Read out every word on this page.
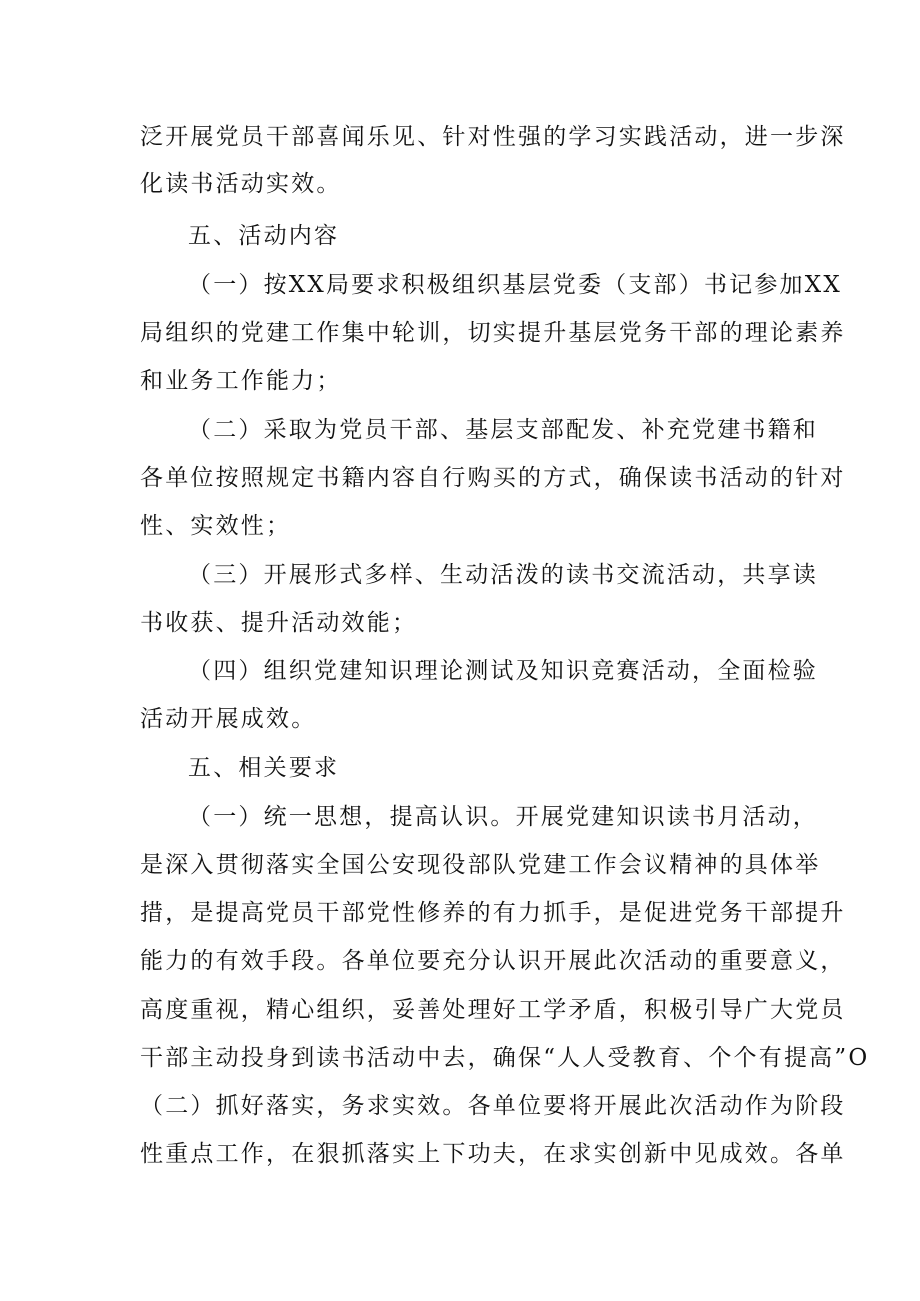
泛开展党员干部喜闻乐见、针对性强的学习实践活动，进一步深
化读书活动实效。
五、活动内容
（一）按XX局要求积极组织基层党委（支部）书记参加XX
局组织的党建工作集中轮训，切实提升基层党务干部的理论素养
和业务工作能力；
（二）采取为党员干部、基层支部配发、补充党建书籍和
各单位按照规定书籍内容自行购买的方式，确保读书活动的针对
性、实效性；
（三）开展形式多样、生动活泼的读书交流活动，共享读
书收获、提升活动效能；
（四）组织党建知识理论测试及知识竞赛活动，全面检验
活动开展成效。
五、相关要求
（一）统一思想，提高认识。开展党建知识读书月活动，
是深入贯彻落实全国公安现役部队党建工作会议精神的具体举
措，是提高党员干部党性修养的有力抓手，是促进党务干部提升
能力的有效手段。各单位要充分认识开展此次活动的重要意义，
高度重视，精心组织，妥善处理好工学矛盾，积极引导广大党员
干部主动投身到读书活动中去，确保“人人受教育、个个有提高”O
（二）抓好落实，务求实效。各单位要将开展此次活动作为阶段
性重点工作，在狠抓落实上下功夫，在求实创新中见成效。各单
